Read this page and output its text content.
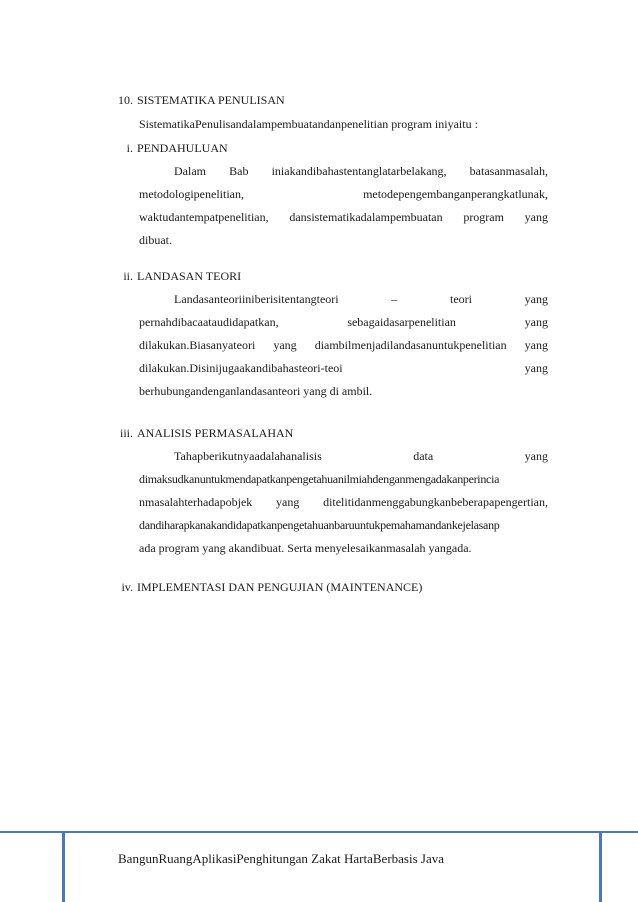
10. SISTEMATIKA PENULISAN
SistematikaPenulisandalampembuatandanpenelitian program iniyaitu :
i. PENDAHULUAN
Dalam Bab iniakandibahastentanglatarbelakang, batasanmasalah,
metodologipenelitian,	metodepengembanganperangkatlunak,
waktudantempatpenelitian, dansistematikadalampembuatan program yang
dibuat.
ii. LANDASAN TEORI
Landasanteoriiniberisitentangteori	–	teori	yang
pernahdibacaataudidapatkan,	sebagaidasarpenelitian	yang
dilakukan.Biasanyateori yang diambilmenjadilandasanuntukpenelitian yang
dilakukan.Disinijugaakandibahasteori-teoi	yang
berhubungandenganlandasanteori yang di ambil.
iii. ANALISIS PERMASALAHAN
Tahapberikutnyaadalahanalisis	data	yang
dimaksudkanuntukmendapatkanpengetahuanilmiahdenganmengadakanperincia
nmasalahterhadapobjek yang ditelitidanmenggabungkanbeberapapengertian,
dandiharapkanakandidapatkanpengetahuanbaruuntukpemahamandankejelasanp
ada program yang akandibuat. Serta menyelesaikanmasalah yangada.
iv. IMPLEMENTASI DAN PENGUJIAN (MAINTENANCE)
BangunRuangAplikasiPenghitungan Zakat HartaBerbasis Java
